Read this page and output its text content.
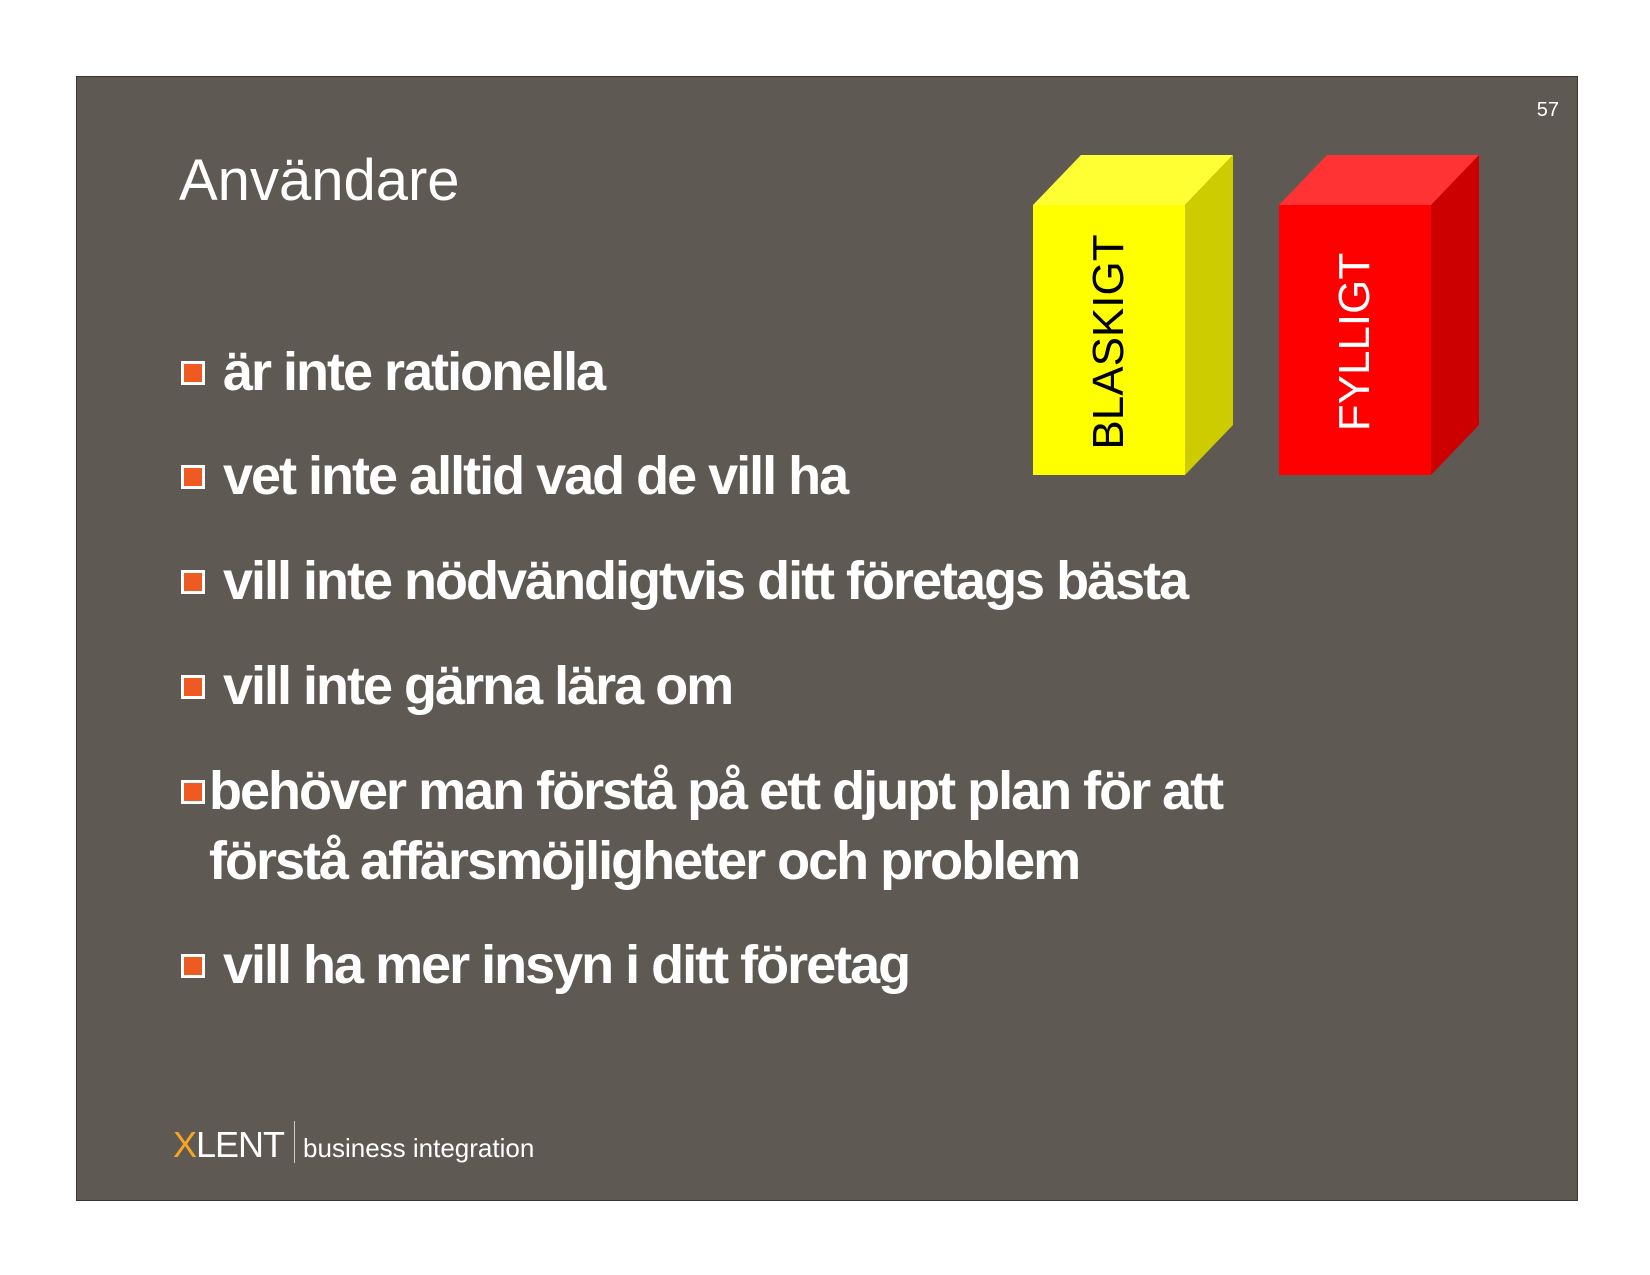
57
Användare
BLASKIGT	FYLLIGT
är inte rationella
vet inte alltid vad de vill ha
vill inte nödvändigtvis ditt företags bästa
vill inte gärna lära om
behöver man förstå på ett djupt plan för att förstå affärsmöjligheter och problem
vill ha mer insyn i ditt företag
X LENT business integration
